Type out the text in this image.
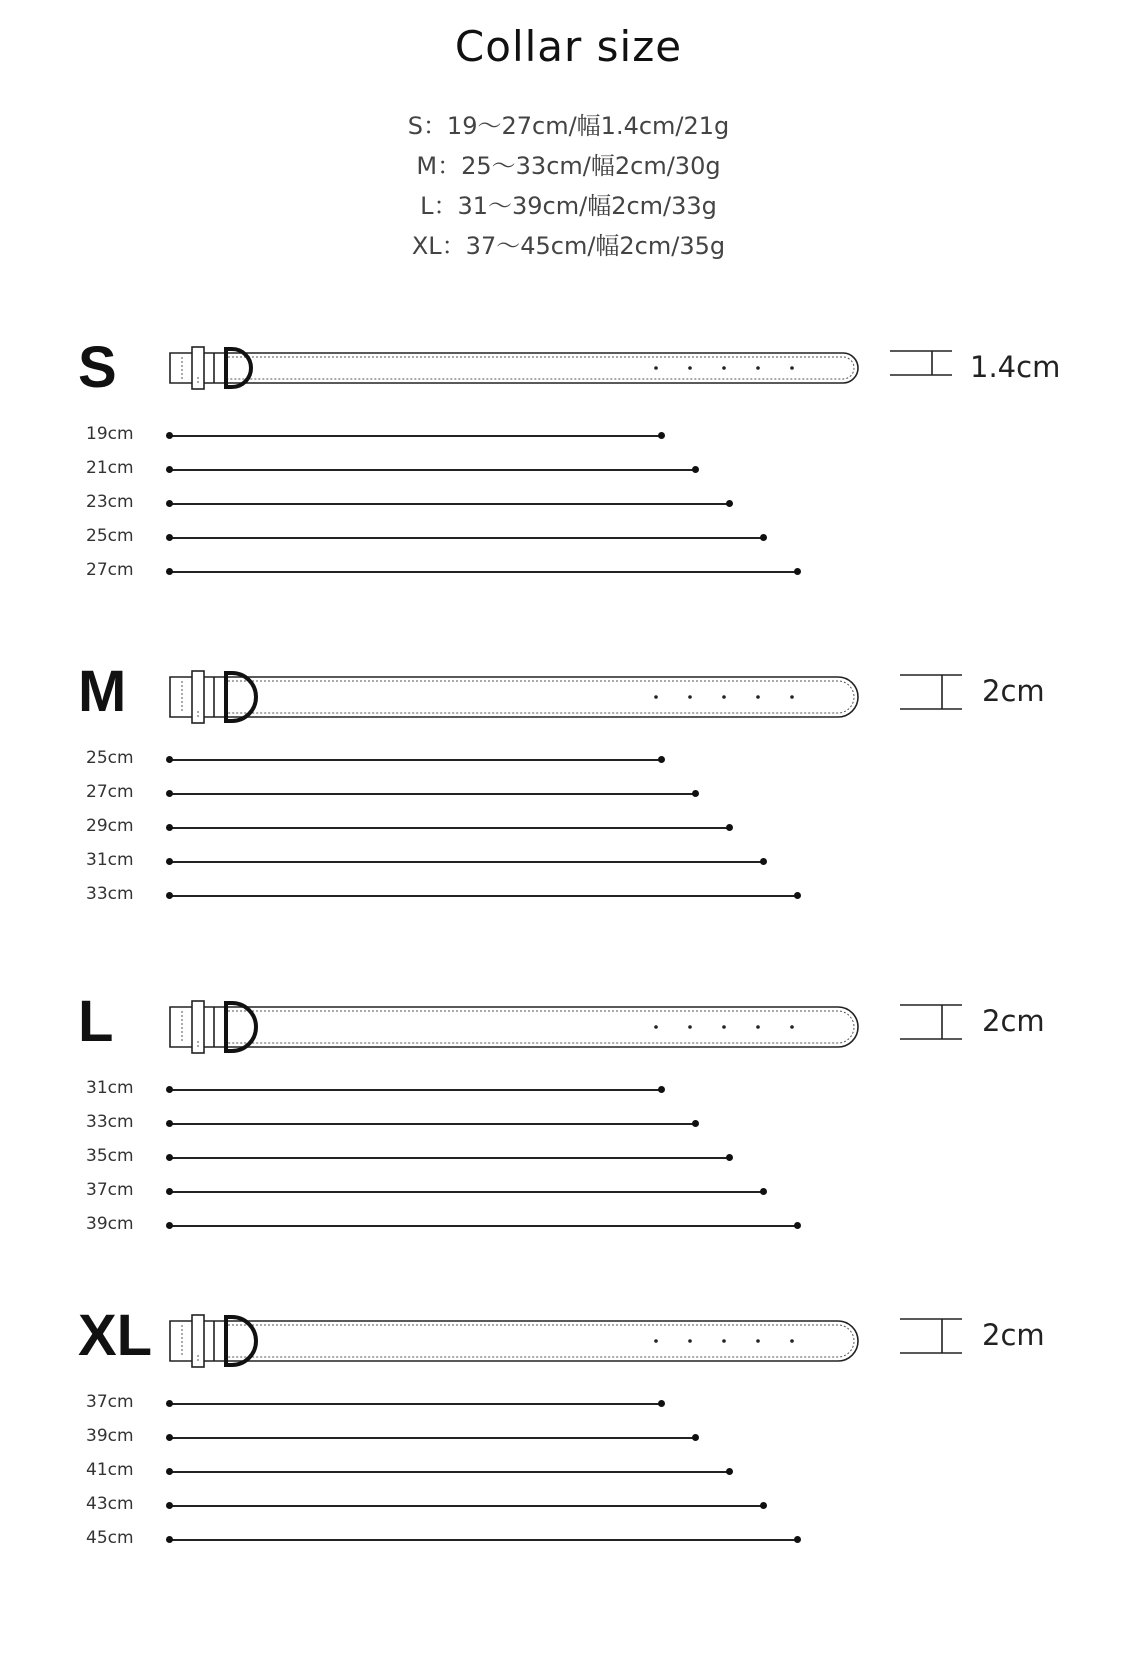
Collar size
S：19～27cm/幅1.4cm/21g
M：25～33cm/幅2cm/30g
L：31～39cm/幅2cm/33g
XL：37～45cm/幅2cm/35g
S	1.4cm
19cm
21cm
23cm
25cm
27cm
M	2cm
25cm
27cm
29cm
31cm
33cm
L	2cm
31cm
33cm
35cm
37cm
39cm
XL	2cm
37cm
39cm
41cm
43cm
45cm
